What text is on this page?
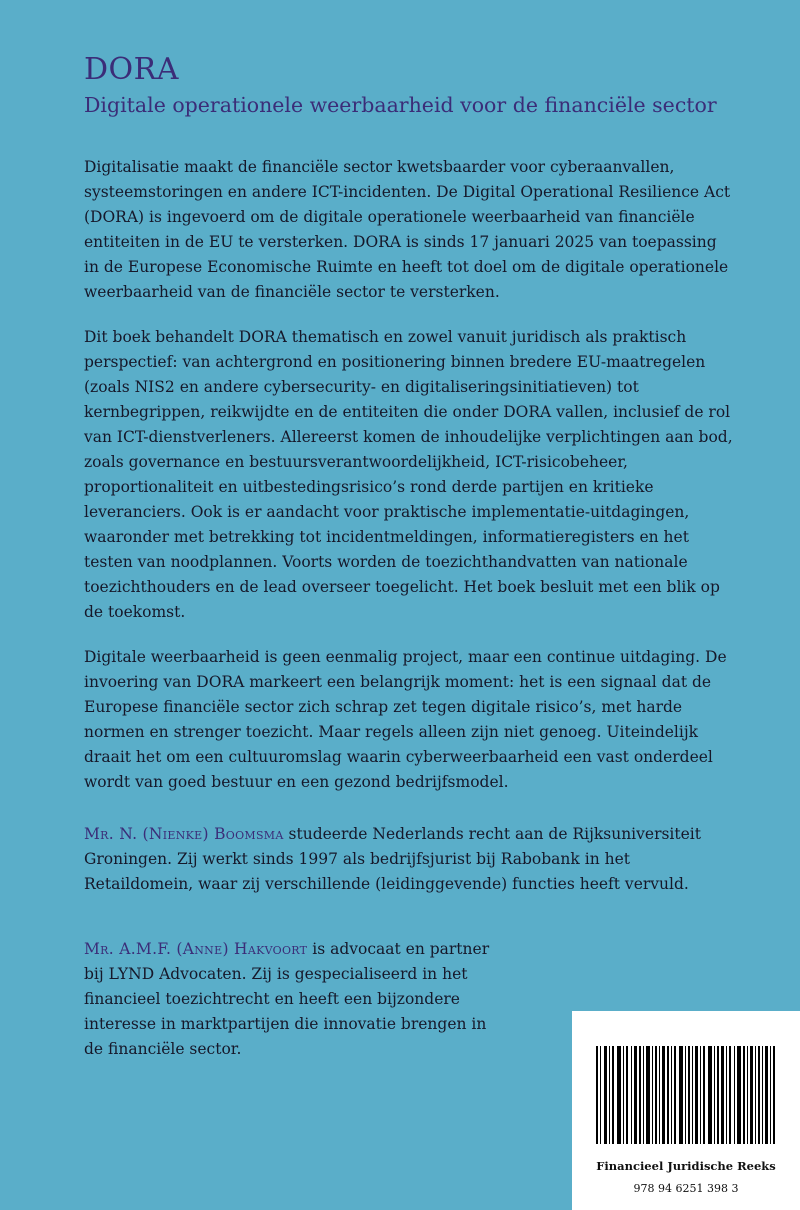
DORA
Digitale operationele weerbaarheid voor de financiële sector

Digitalisatie maakt de financiële sector kwetsbaarder voor cyberaanvallen, systeemstoringen en andere ICT-incidenten. De Digital Operational Resilience Act (DORA) is ingevoerd om de digitale operationele weerbaarheid van financiële entiteiten in de EU te versterken. DORA is sinds 17 januari 2025 van toepassing in de Europese Economische Ruimte en heeft tot doel om de digitale operationele weerbaarheid van de financiële sector te versterken.

Dit boek behandelt DORA thematisch en zowel vanuit juridisch als praktisch perspectief: van achtergrond en positionering binnen bredere EU-maatregelen (zoals NIS2 en andere cybersecurity- en digitaliseringsinitiatieven) tot kernbegrippen, reikwijdte en de entiteiten die onder DORA vallen, inclusief de rol van ICT-dienstverleners. Allereerst komen de inhoudelijke verplichtingen aan bod, zoals governance en bestuursverantwoordelijkheid, ICT-risicobeheer, proportionaliteit en uitbestedingsrisico’s rond derde partijen en kritieke leveranciers. Ook is er aandacht voor praktische implementatie-uitdagingen, waaronder met betrekking tot incidentmeldingen, informatieregisters en het testen van noodplannen. Voorts worden de toezichthandvatten van nationale toezichthouders en de lead overseer toegelicht. Het boek besluit met een blik op de toekomst.

Digitale weerbaarheid is geen eenmalig project, maar een continue uitdaging. De invoering van DORA markeert een belangrijk moment: het is een signaal dat de Europese financiële sector zich schrap zet tegen digitale risico’s, met harde normen en strenger toezicht. Maar regels alleen zijn niet genoeg. Uiteindelijk draait het om een cultuuromslag waarin cyberweerbaarheid een vast onderdeel wordt van goed bestuur en een gezond bedrijfsmodel.

Mr. N. (Nienke) Boomsma studeerde Nederlands recht aan de Rijksuniversiteit Groningen. Zij werkt sinds 1997 als bedrijfsjurist bij Rabobank in het Retaildomein, waar zij verschillende (leidinggevende) functies heeft vervuld.

Mr. A.M.F. (Anne) Hakvoort is advocaat en partner bij LYND Advocaten. Zij is gespecialiseerd in het financieel toezichtrecht en heeft een bijzondere interesse in marktpartijen die innovatie brengen in de financiële sector.

Financieel Juridische Reeks

978 94 6251 398 3
